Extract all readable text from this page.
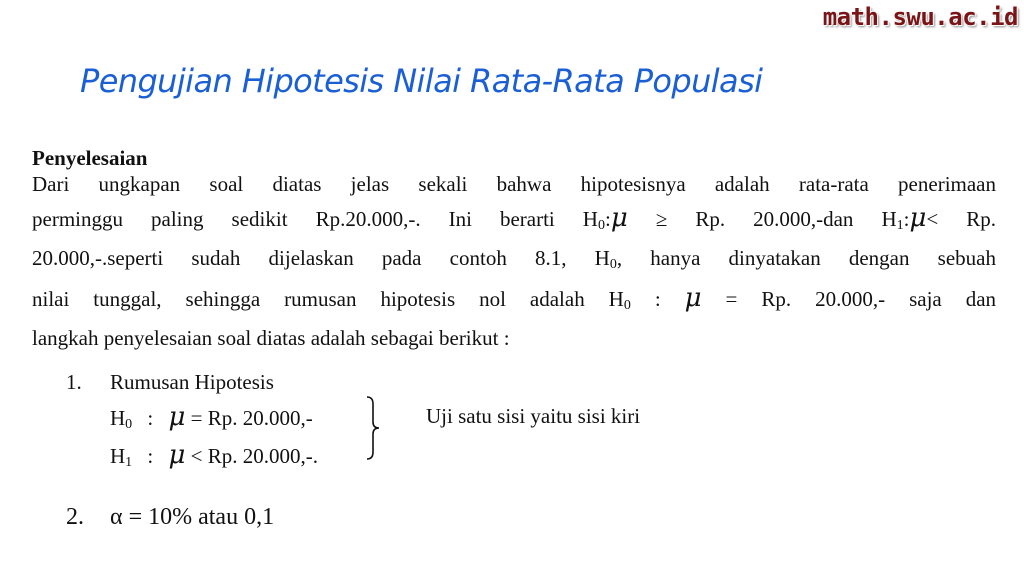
math.swu.ac.id
Pengujian Hipotesis Nilai Rata-Rata Populasi
Penyelesaian
Dari ungkapan soal diatas jelas sekali bahwa hipotesisnya adalah rata-rata penerimaan
perminggu paling sedikit Rp.20.000,-. Ini berarti $H_0:\mu \ge Rp$. 20.000,-dan $H_1:\mu< Rp$.
20.000,-.seperti sudah dijelaskan pada contoh 8.1, $H_0$, hanya dinyatakan dengan sebuah
nilai tunggal, sehingga rumusan hipotesis nol adalah $H_0$ : μ = Rp. 20.000,- saja dan
langkah penyelesaian soal diatas adalah sebagai berikut :
1. Rumusan Hipotesis
$H_0$ : μ = Rp. 20.000,-
$H_1$ : μ < Rp. 20.000,-.
Uji satu sisi yaitu sisi kiri
2. α = 10% atau 0,1
